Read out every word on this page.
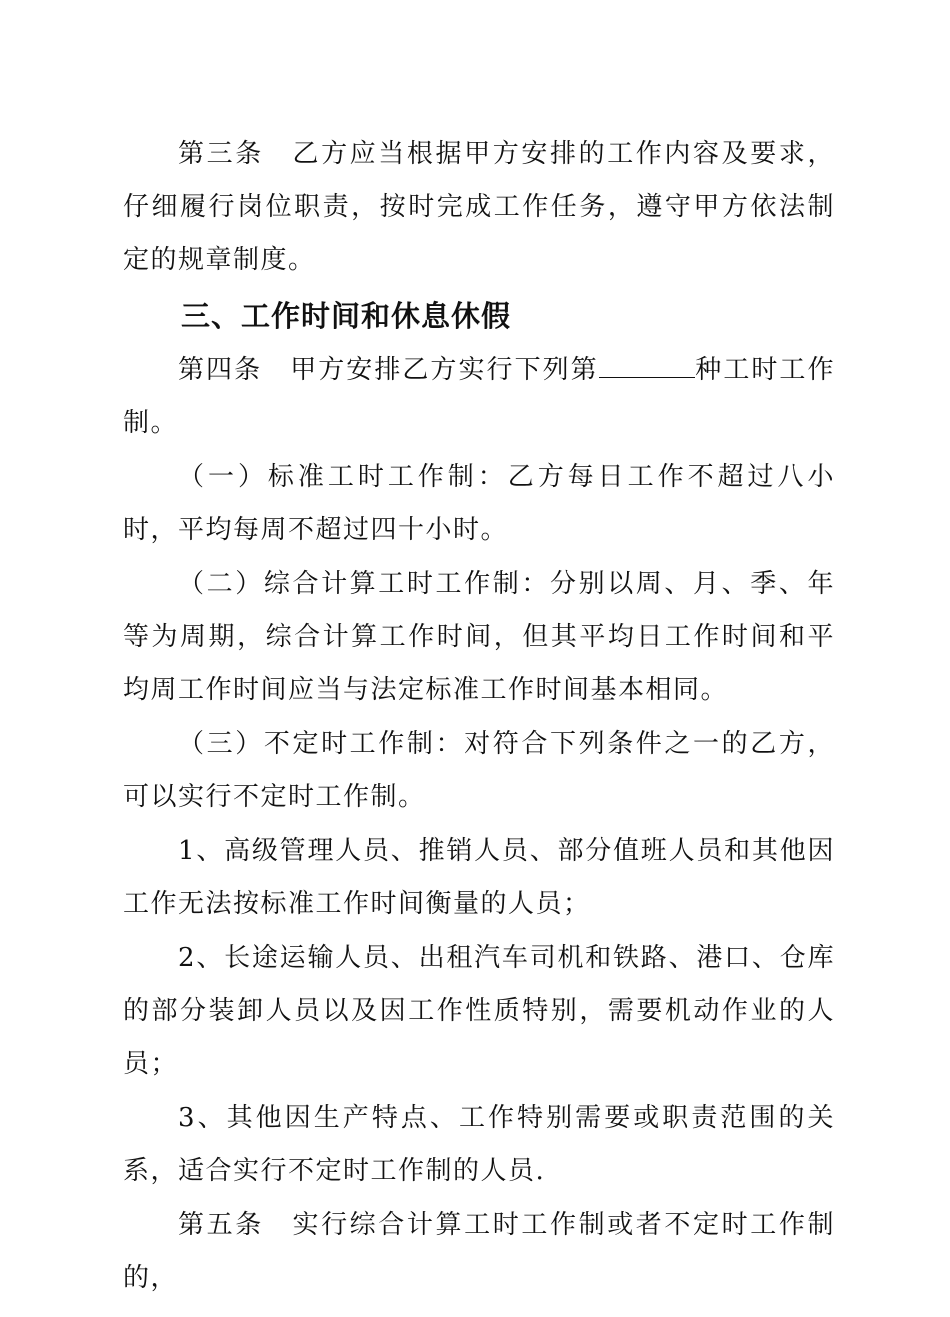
第三条　乙方应当根据甲方安排的工作内容及要求，仔细履行岗位职责，按时完成工作任务，遵守甲方依法制定的规章制度。

三、工作时间和休息休假

第四条　甲方安排乙方实行下列第	种工时工作制。

（一）标准工时工作制：乙方每日工作不超过八小时，平均每周不超过四十小时。

（二）综合计算工时工作制：分别以周、月、季、年等为周期，综合计算工作时间，但其平均日工作时间和平均周工作时间应当与法定标准工作时间基本相同。

（三）不定时工作制：对符合下列条件之一的乙方，可以实行不定时工作制。

1、高级管理人员、推销人员、部分值班人员和其他因工作无法按标准工作时间衡量的人员；

2、长途运输人员、出租汽车司机和铁路、港口、仓库的部分装卸人员以及因工作性质特别，需要机动作业的人员；

3、其他因生产特点、工作特别需要或职责范围的关系，适合实行不定时工作制的人员.

第五条　实行综合计算工时工作制或者不定时工作制的，
